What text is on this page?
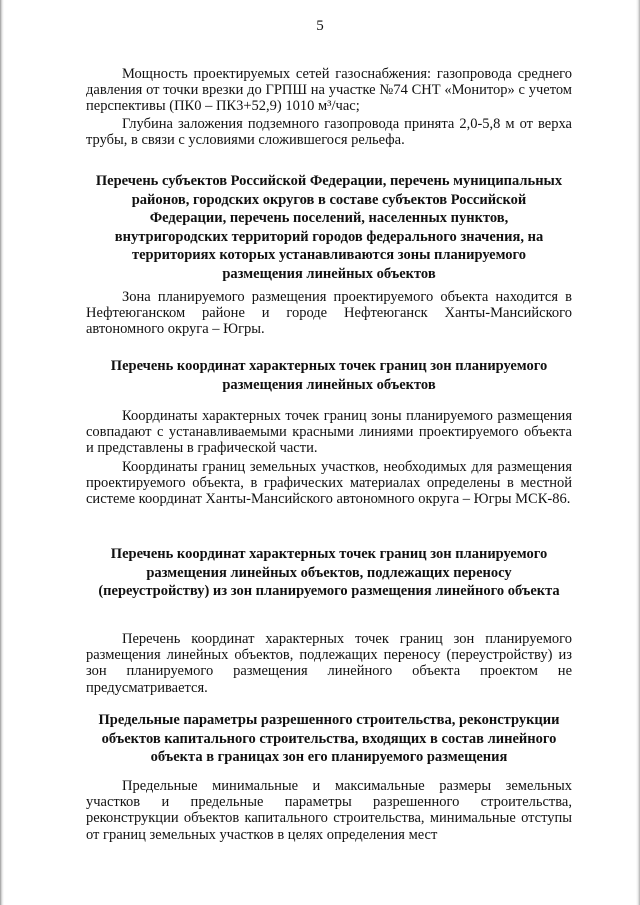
5

Мощность проектируемых сетей газоснабжения: газопровода среднего давления от точки врезки до ГРПШ на участке №74 СНТ «Монитор» с учетом перспективы (ПК0 – ПК3+52,9) 1010 м³/час;

Глубина заложения подземного газопровода принята 2,0-5,8 м от верха трубы, в связи с условиями сложившегося рельефа.

Перечень субъектов Российской Федерации, перечень муниципальных районов, городских округов в составе субъектов Российской Федерации, перечень поселений, населенных пунктов, внутригородских территорий городов федерального значения, на территориях которых устанавливаются зоны планируемого размещения линейных объектов

Зона планируемого размещения проектируемого объекта находится в Нефтеюганском районе и городе Нефтеюганск Ханты-Мансийского автономного округа – Югры.

Перечень координат характерных точек границ зон планируемого размещения линейных объектов

Координаты характерных точек границ зоны планируемого размещения совпадают с устанавливаемыми красными линиями проектируемого объекта и представлены в графической части.

Координаты границ земельных участков, необходимых для размещения проектируемого объекта, в графических материалах определены в местной системе координат Ханты-Мансийского автономного округа – Югры МСК-86.

Перечень координат характерных точек границ зон планируемого размещения линейных объектов, подлежащих переносу (переустройству) из зон планируемого размещения линейного объекта

Перечень координат характерных точек границ зон планируемого размещения линейных объектов, подлежащих переносу (переустройству) из зон планируемого размещения линейного объекта проектом не предусматривается.

Предельные параметры разрешенного строительства, реконструкции объектов капитального строительства, входящих в состав линейного объекта в границах зон его планируемого размещения

Предельные минимальные и максимальные размеры земельных участков и предельные параметры разрешенного строительства, реконструкции объектов капитального строительства, минимальные отступы от границ земельных участков в целях определения мест
